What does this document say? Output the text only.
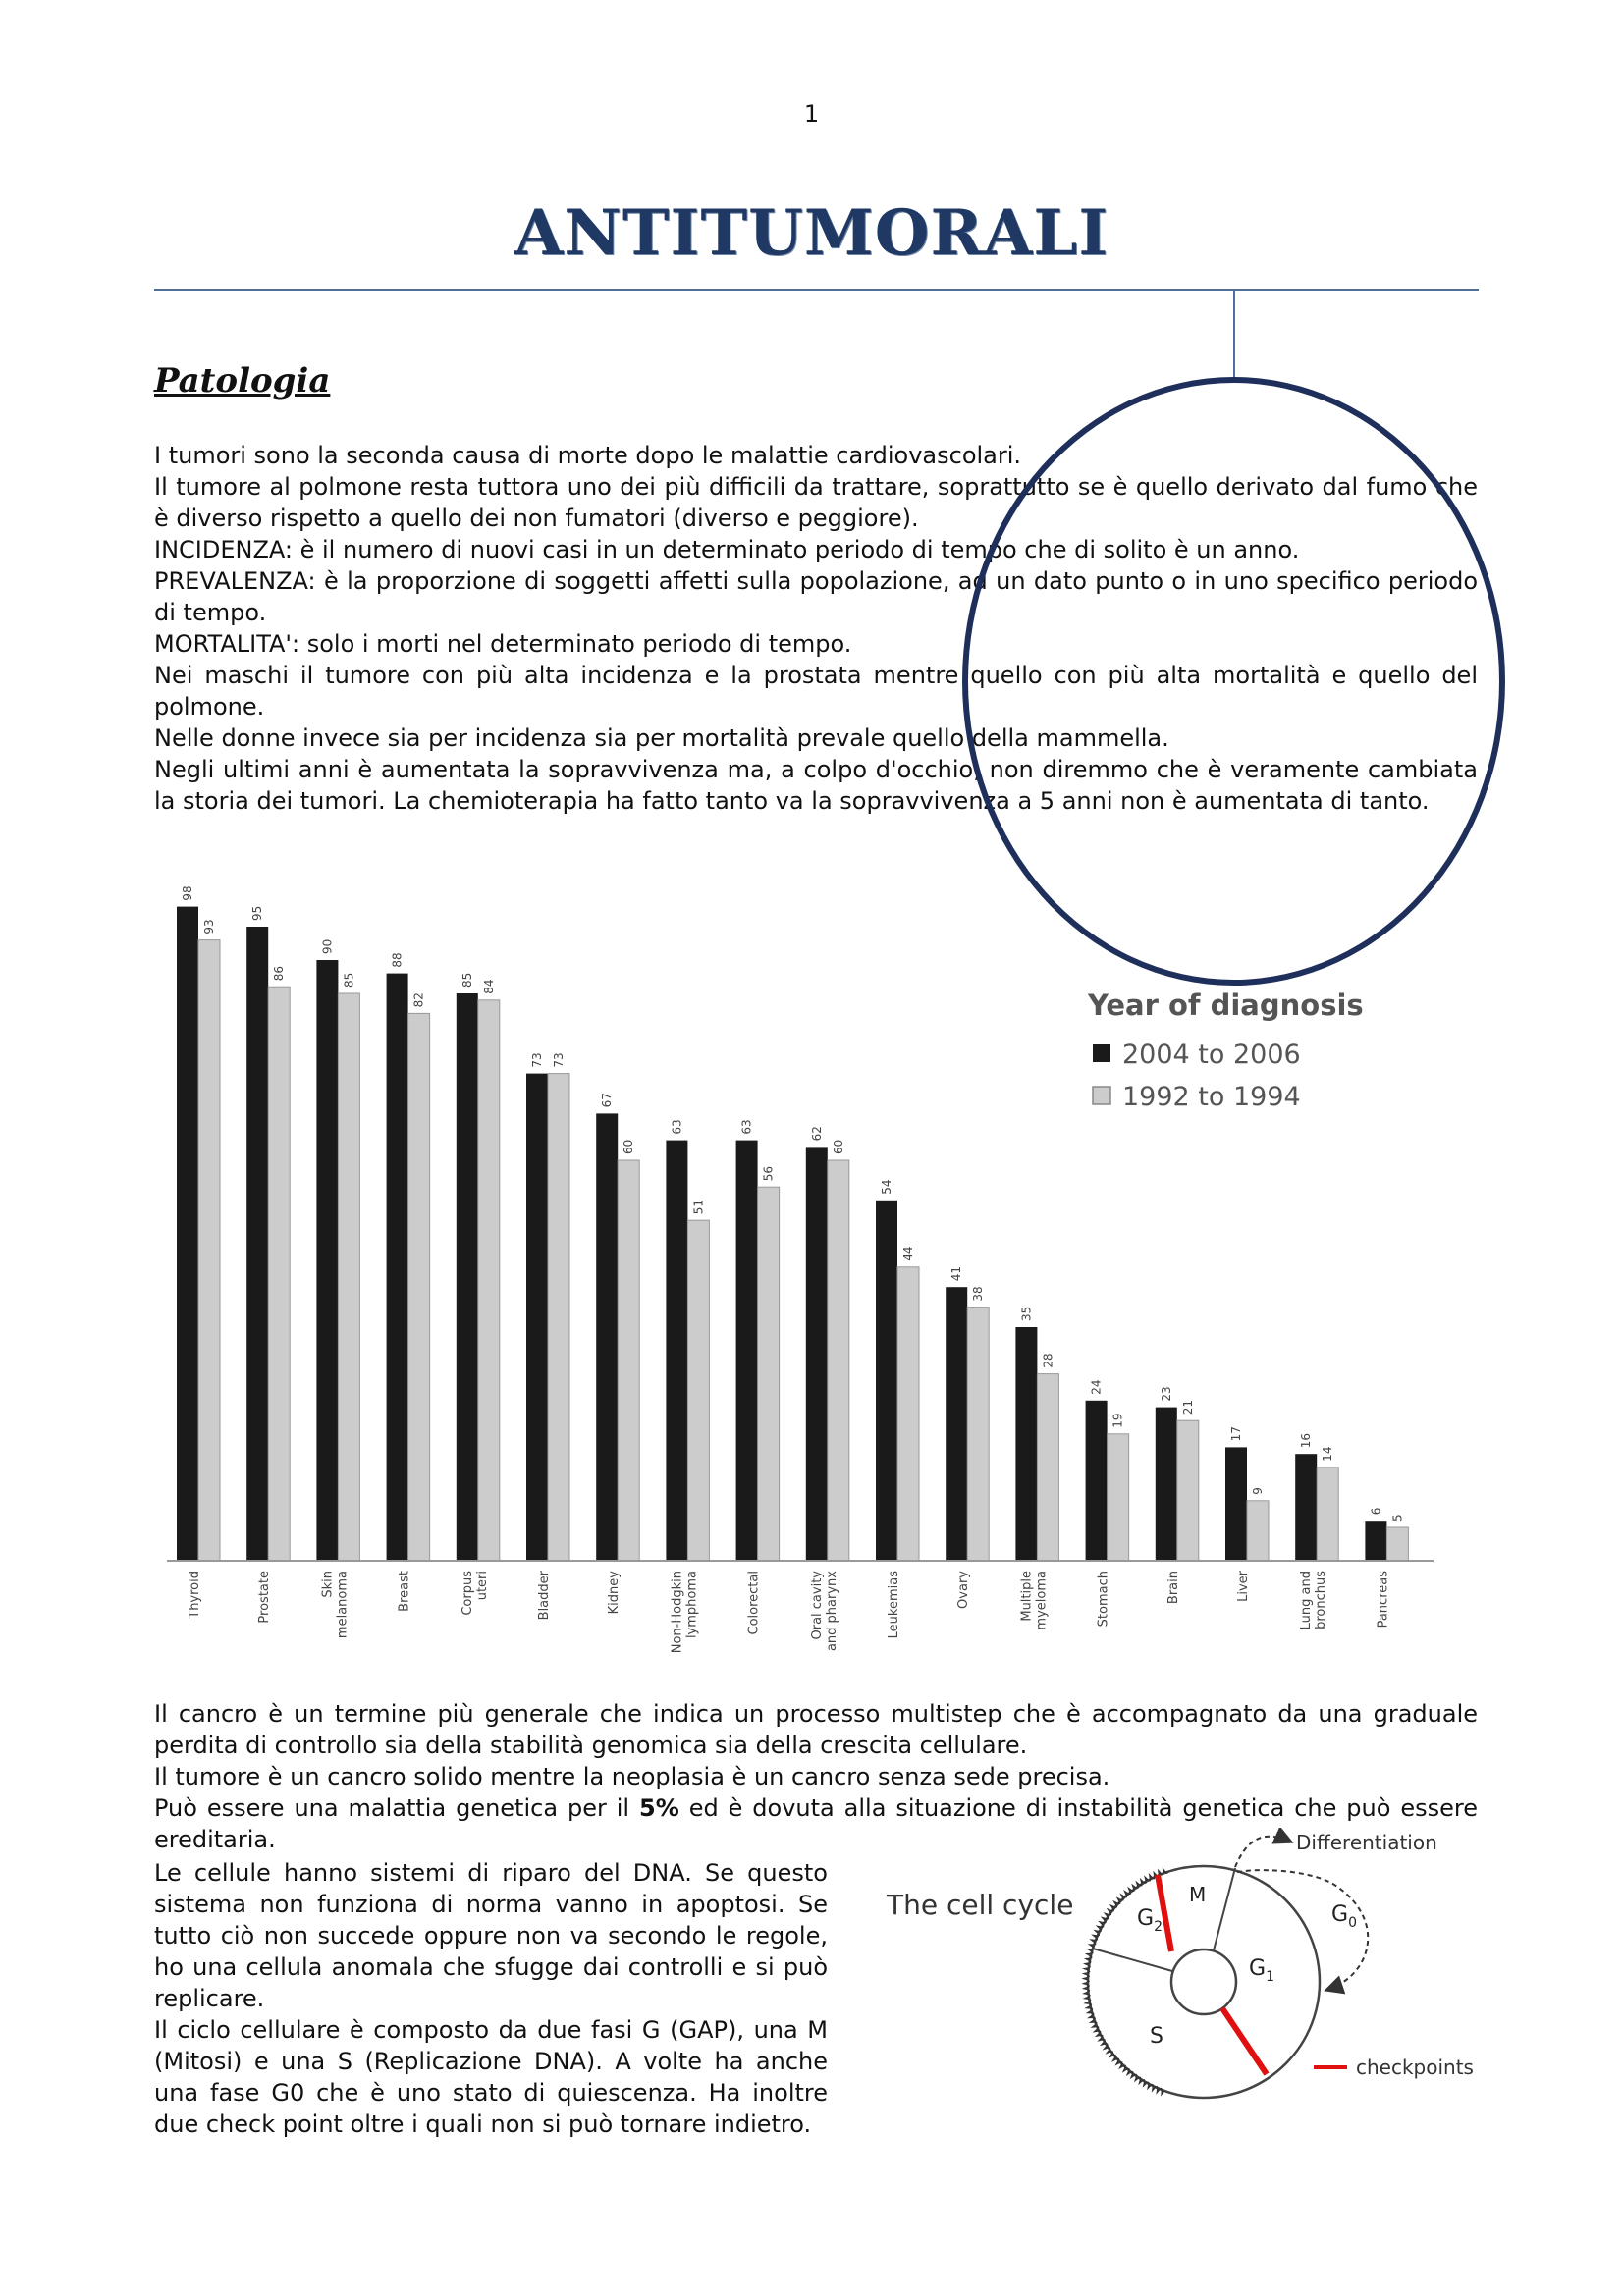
1
ANTITUMORALI
Patologia

I tumori sono la seconda causa di morte dopo le malattie cardiovascolari.

Il tumore al polmone resta tuttora uno dei più difficili da trattare, soprattutto se è quello derivato dal fumo che è diverso rispetto a quello dei non fumatori (diverso e peggiore).

INCIDENZA: è il numero di nuovi casi in un determinato periodo di tempo che di solito è un anno.

PREVALENZA: è la proporzione di soggetti affetti sulla popolazione, ad un dato punto o in uno specifico periodo di tempo.

MORTALITA': solo i morti nel determinato periodo di tempo.

Nei maschi il tumore con più alta incidenza e la prostata mentre quello con più alta mortalità e quello del polmone.

Nelle donne invece sia per incidenza sia per mortalità prevale quello della mammella.

Negli ultimi anni è aumentata la sopravvivenza ma, a colpo d'occhio, non diremmo che è veramente cambiata la storia dei tumori. La chemioterapia ha fatto tanto va la sopravvivenza a 5 anni non è aumentata di tanto.

98
93
95
86
90
85
88
82
85 84
73 73
67
60
63
51
63
56
62
60
54
44
41
38
35
28
24
19
23
21
17
9
16
14
6
5
Thyroid	Prostate	Skin melanoma	Breast	Corpus uteri	Bladder	Kidney	Non-Hodgkin lymphoma	Colorectal	Oral cavity and pharynx	Leukemias	Ovary	Multiple myeloma	Stomach	Brain	Liver	Lung and bronchus	Pancreas
Year of diagnosis
2004 to 2006
1992 to 1994

Il cancro è un termine più generale che indica un processo multistep che è accompagnato da una graduale perdita di controllo sia della stabilità genomica sia della crescita cellulare.

Il tumore è un cancro solido mentre la neoplasia è un cancro senza sede precisa.

Può essere una malattia genetica per il 5% ed è dovuta alla situazione di instabilità genetica che può essere ereditaria.

Le cellule hanno sistemi di riparo del DNA. Se questo sistema non funziona di norma vanno in apoptosi. Se tutto ciò non succede oppure non va secondo le regole, ho una cellula anomala che sfugge dai controlli e si può replicare.

Il ciclo cellulare è composto da due fasi G (GAP), una M (Mitosi) e una S (Replicazione DNA). A volte ha anche una fase G0 che è uno stato di quiescenza. Ha inoltre due check point oltre i quali non si può tornare indietro.

The cell cycle	M
$G_2$
$G_1$
S
$G_0$
Differentiation
checkpoints
